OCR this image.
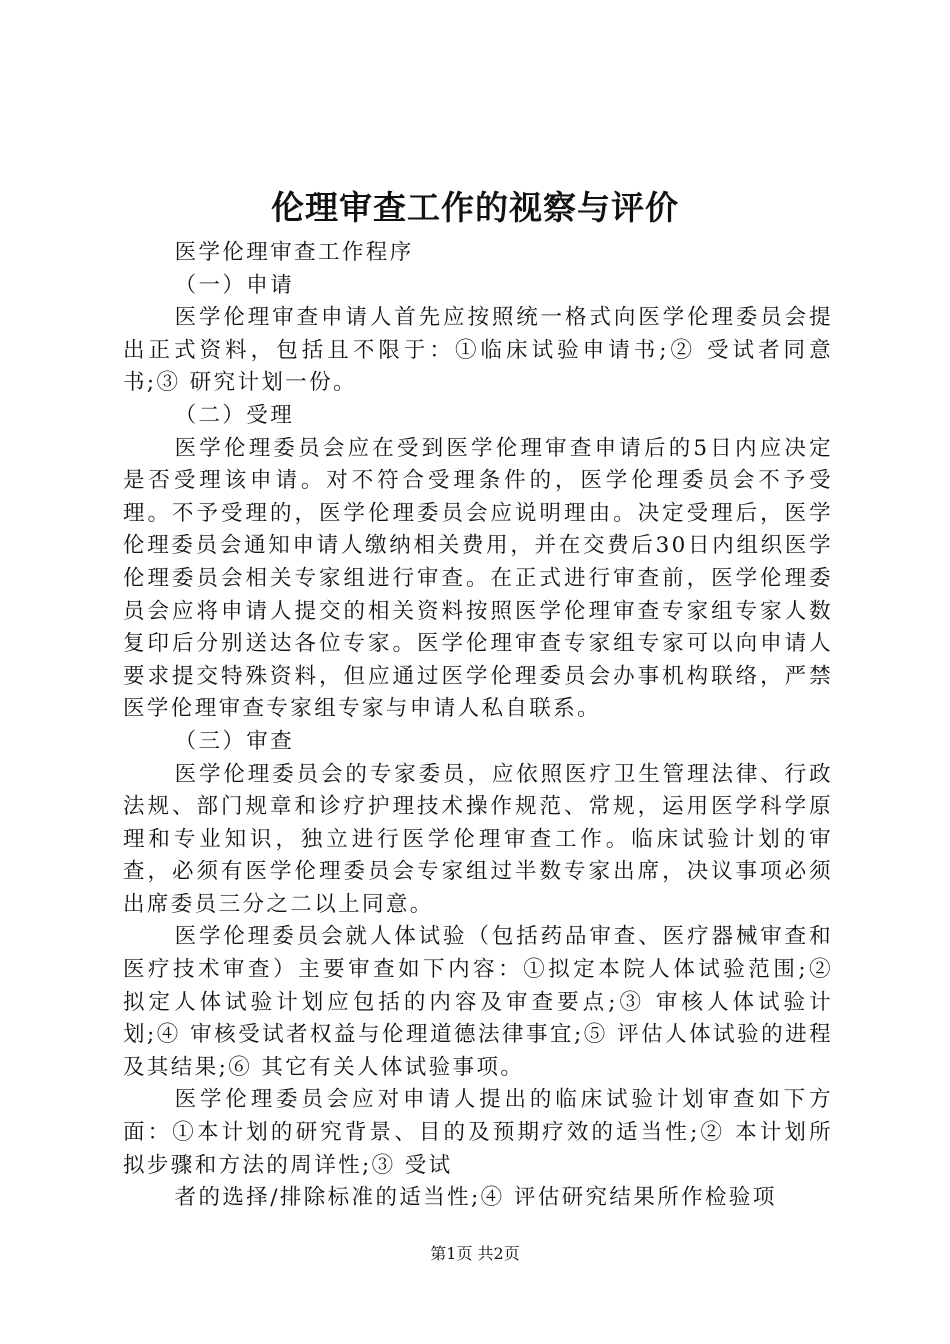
伦理审查工作的视察与评价

医学伦理审查工作程序

（一）申请

医学伦理审查申请人首先应按照统一格式向医学伦理委员会提出正式资料，包括且不限于：①临床试验申请书;② 受试者同意书;③ 研究计划一份。

（二）受理

医学伦理委员会应在受到医学伦理审查申请后的5日内应决定是否受理该申请。对不符合受理条件的，医学伦理委员会不予受理。不予受理的，医学伦理委员会应说明理由。决定受理后，医学伦理委员会通知申请人缴纳相关费用，并在交费后30日内组织医学伦理委员会相关专家组进行审查。在正式进行审查前，医学伦理委员会应将申请人提交的相关资料按照医学伦理审查专家组专家人数复印后分别送达各位专家。医学伦理审查专家组专家可以向申请人要求提交特殊资料，但应通过医学伦理委员会办事机构联络，严禁医学伦理审查专家组专家与申请人私自联系。

（三）审查

医学伦理委员会的专家委员，应依照医疗卫生管理法律、行政法规、部门规章和诊疗护理技术操作规范、常规，运用医学科学原理和专业知识，独立进行医学伦理审查工作。临床试验计划的审查，必须有医学伦理委员会专家组过半数专家出席，决议事项必须出席委员三分之二以上同意。

医学伦理委员会就人体试验（包括药品审查、医疗器械审查和医疗技术审查）主要审查如下内容：①拟定本院人体试验范围;② 拟定人体试验计划应包括的内容及审查要点;③ 审核人体试验计划;④ 审核受试者权益与伦理道德法律事宜;⑤ 评估人体试验的进程及其结果;⑥ 其它有关人体试验事项。

医学伦理委员会应对申请人提出的临床试验计划审查如下方面：①本计划的研究背景、目的及预期疗效的适当性;② 本计划所拟步骤和方法的周详性;③ 受试

者的选择/排除标准的适当性;④ 评估研究结果所作检验项

第1页 共2页
